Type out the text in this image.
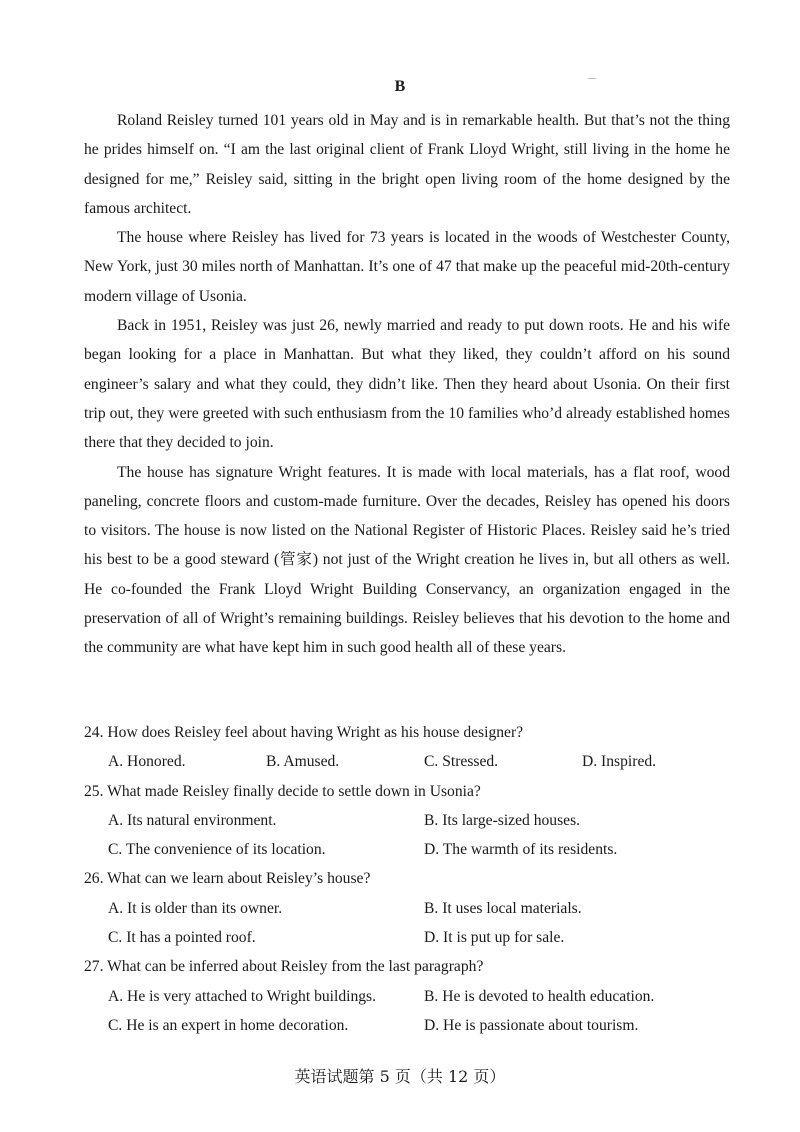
B

Roland Reisley turned 101 years old in May and is in remarkable health. But that’s not the thing he prides himself on. “I am the last original client of Frank Lloyd Wright, still living in the home he designed for me,” Reisley said, sitting in the bright open living room of the home designed by the famous architect.

The house where Reisley has lived for 73 years is located in the woods of Westchester County, New York, just 30 miles north of Manhattan. It’s one of 47 that make up the peaceful mid-20th-century modern village of Usonia.

Back in 1951, Reisley was just 26, newly married and ready to put down roots. He and his wife began looking for a place in Manhattan. But what they liked, they couldn’t afford on his sound engineer’s salary and what they could, they didn’t like. Then they heard about Usonia. On their first trip out, they were greeted with such enthusiasm from the 10 families who’d already established homes there that they decided to join.

The house has signature Wright features. It is made with local materials, has a flat roof, wood paneling, concrete floors and custom-made furniture. Over the decades, Reisley has opened his doors to visitors. The house is now listed on the National Register of Historic Places. Reisley said he’s tried his best to be a good steward (管家) not just of the Wright creation he lives in, but all others as well. He co-founded the Frank Lloyd Wright Building Conservancy, an organization engaged in the preservation of all of Wright’s remaining buildings. Reisley believes that his devotion to the home and the community are what have kept him in such good health all of these years.

24. How does Reisley feel about having Wright as his house designer?

A. Honored.	B. Amused.	C. Stressed.	D. Inspired.

25. What made Reisley finally decide to settle down in Usonia?

A. Its natural environment.	B. Its large-sized houses.
C. The convenience of its location.	D. The warmth of its residents.

26. What can we learn about Reisley’s house?

A. It is older than its owner.	B. It uses local materials.
C. It has a pointed roof.	D. It is put up for sale.

27. What can be inferred about Reisley from the last paragraph?

A. He is very attached to Wright buildings.	B. He is devoted to health education.
C. He is an expert in home decoration.	D. He is passionate about tourism.
英语试题第 5 页（共 12 页）
